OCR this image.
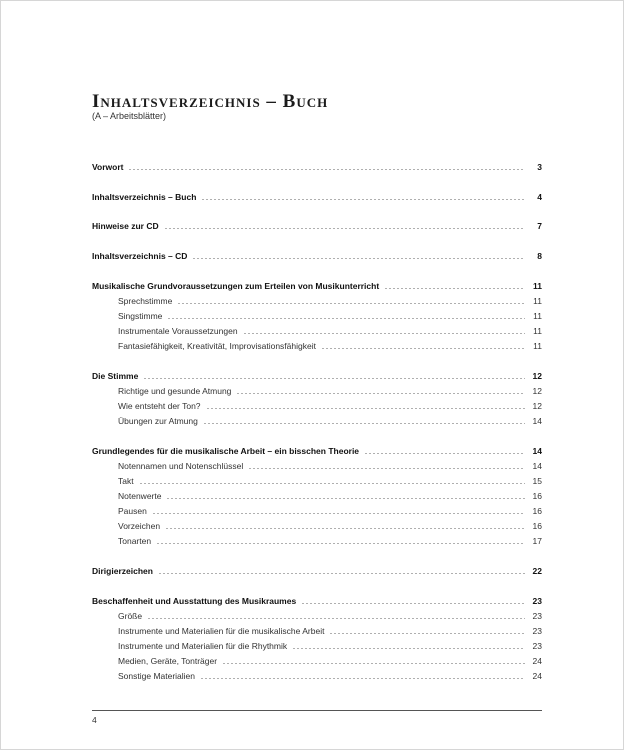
Inhaltsverzeichnis – Buch
(A – Arbeitsblätter)
Vorwort	3
Inhaltsverzeichnis – Buch	4
Hinweise zur CD	7
Inhaltsverzeichnis – CD	8
Musikalische Grundvoraussetzungen zum Erteilen von Musikunterricht	11
Sprechstimme	11
Singstimme	11
Instrumentale Voraussetzungen	11
Fantasiefähigkeit, Kreativität, Improvisationsfähigkeit	11
Die Stimme	12
Richtige und gesunde Atmung	12
Wie entsteht der Ton?	12
Übungen zur Atmung	14
Grundlegendes für die musikalische Arbeit – ein bisschen Theorie	14
Notennamen und Notenschlüssel	14
Takt	15
Notenwerte	16
Pausen	16
Vorzeichen	16
Tonarten	17
Dirigierzeichen	22
Beschaffenheit und Ausstattung des Musikraumes	23
Größe	23
Instrumente und Materialien für die musikalische Arbeit	23
Instrumente und Materialien für die Rhythmik	23
Medien, Geräte, Tonträger	24
Sonstige Materialien	24
4
